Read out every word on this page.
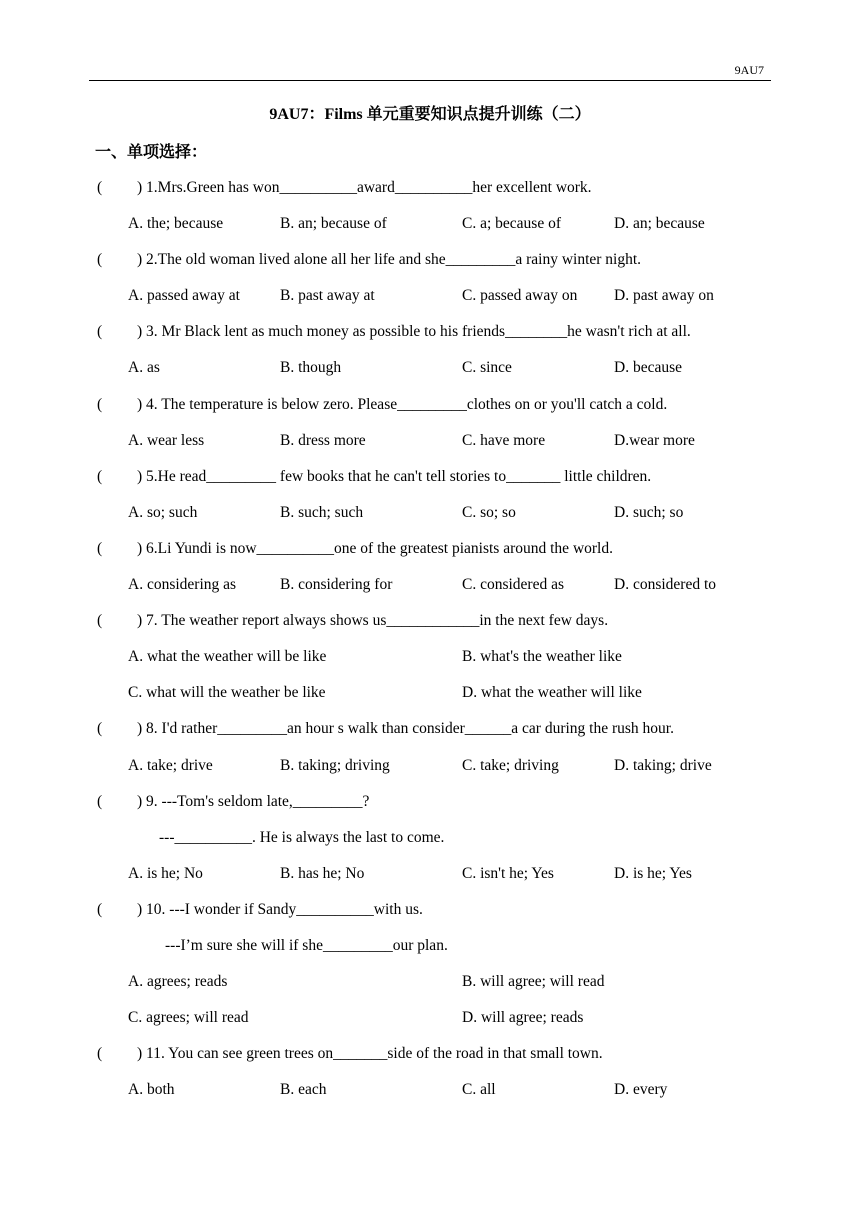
9AU7
9AU7：Films 单元重要知识点提升训练（二）
一、单项选择：
( ) 1.Mrs.Green has won__________award__________her excellent work.
A. the; because	B. an; because of	C. a; because of	D. an; because
( ) 2.The old woman lived alone all her life and she_________a rainy winter night.
A. passed away at	B. past away at	C. passed away on D. past away on
( ) 3. Mr Black lent as much money as possible to his friends________he wasn't rich at all.
A. as	B. though	C. since	D. because
( ) 4. The temperature is below zero. Please_________clothes on or you'll catch a cold.
A. wear less	B. dress more	C. have more	D.wear more
( ) 5.He read_________ few books that he can't tell stories to_______ little children.
A. so; such	B. such; such	C. so; so	D. such; so
( ) 6.Li Yundi is now__________one of the greatest pianists around the world.
A. considering as	B. considering for	C. considered as	D. considered to
( ) 7. The weather report always shows us____________in the next few days.
A. what the weather will be like	B. what's the weather like
C. what will the weather be like	D. what the weather will like
( ) 8. I'd rather_________an hour s walk than consider______a car during the rush hour.
A. take; drive	B. taking; driving	C. take; driving	D. taking; drive
( ) 9. ---Tom's seldom late,_________?
---__________. He is always the last to come.
A. is he; No	B. has he; No	C. isn't he; Yes	D. is he; Yes
( ) 10. ---I wonder if Sandy__________with us.
---I’m sure she will if she_________our plan.
A. agrees; reads	B. will agree; will read
C. agrees; will read	D. will agree; reads
( ) 11. You can see green trees on_______side of the road in that small town.
A. both	B. each	C. all	D. every
